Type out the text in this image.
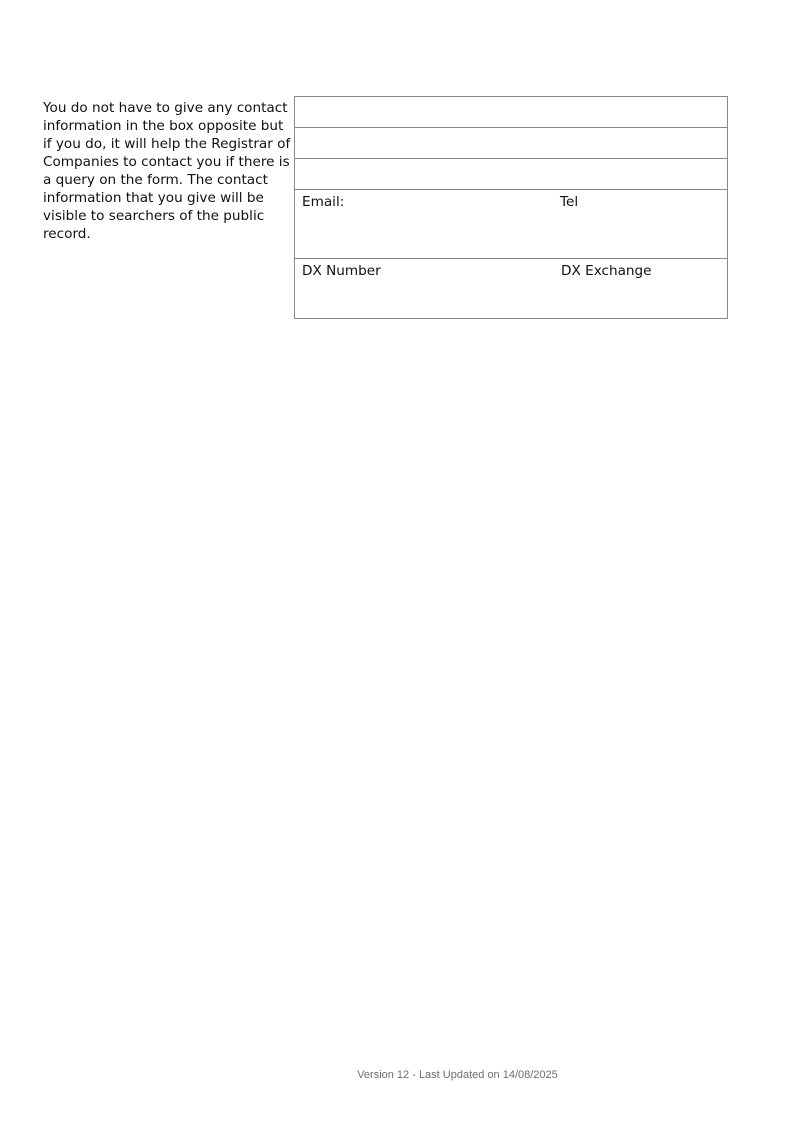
You do not have to give any contact information in the box opposite but if you do, it will help the Registrar of Companies to contact you if there is a query on the form. The contact information that you give will be visible to searchers of the public record.

Email:	Tel
DX Number	DX Exchange
Version 12 - Last Updated on 14/08/2025
